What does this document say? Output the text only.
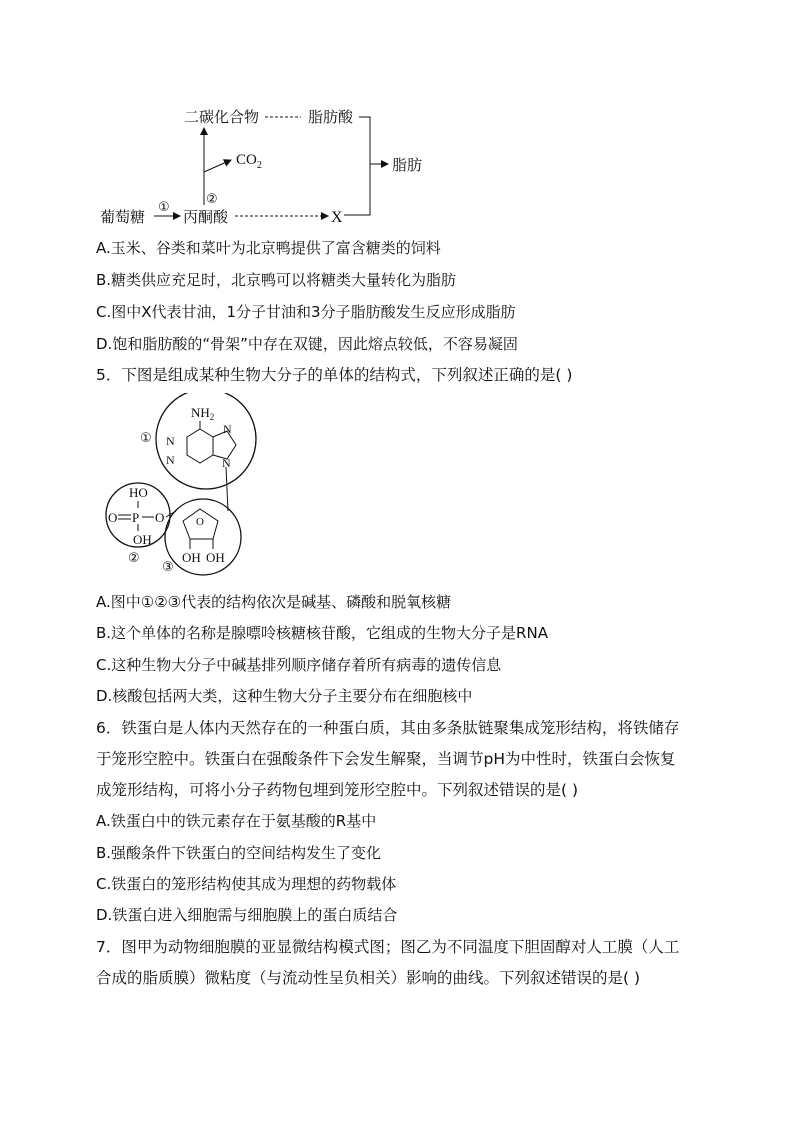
二碳化合物	脂肪酸
脂肪
$CO_2$
②
葡萄糖
①
丙酮酸	X
A.玉米、谷类和菜叶为北京鸭提供了富含糖类的饲料
B.糖类供应充足时，北京鸭可以将糖类大量转化为脂肪
C.图中X代表甘油，1分子甘油和3分子脂肪酸发生反应形成脂肪
D.饱和脂肪酸的“骨架”中存在双键，因此熔点较低，不容易凝固
5．下图是组成某种生物大分子的单体的结构式，下列叙述正确的是( )
$NH_2$
N
N
N
N
①
HO
O P O
OH
②
O
OH OH
③
A.图中①②③代表的结构依次是碱基、磷酸和脱氧核糖
B.这个单体的名称是腺嘌呤核糖核苷酸，它组成的生物大分子是RNA
C.这种生物大分子中碱基排列顺序储存着所有病毒的遗传信息
D.核酸包括两大类，这种生物大分子主要分布在细胞核中
6．铁蛋白是人体内天然存在的一种蛋白质，其由多条肽链聚集成笼形结构，将铁储存
于笼形空腔中。铁蛋白在强酸条件下会发生解聚，当调节pH为中性时，铁蛋白会恢复
成笼形结构，可将小分子药物包埋到笼形空腔中。下列叙述错误的是( )
A.铁蛋白中的铁元素存在于氨基酸的R基中
B.强酸条件下铁蛋白的空间结构发生了变化
C.铁蛋白的笼形结构使其成为理想的药物载体
D.铁蛋白进入细胞需与细胞膜上的蛋白质结合
7．图甲为动物细胞膜的亚显微结构模式图；图乙为不同温度下胆固醇对人工膜（人工
合成的脂质膜）微粘度（与流动性呈负相关）影响的曲线。下列叙述错误的是( )
